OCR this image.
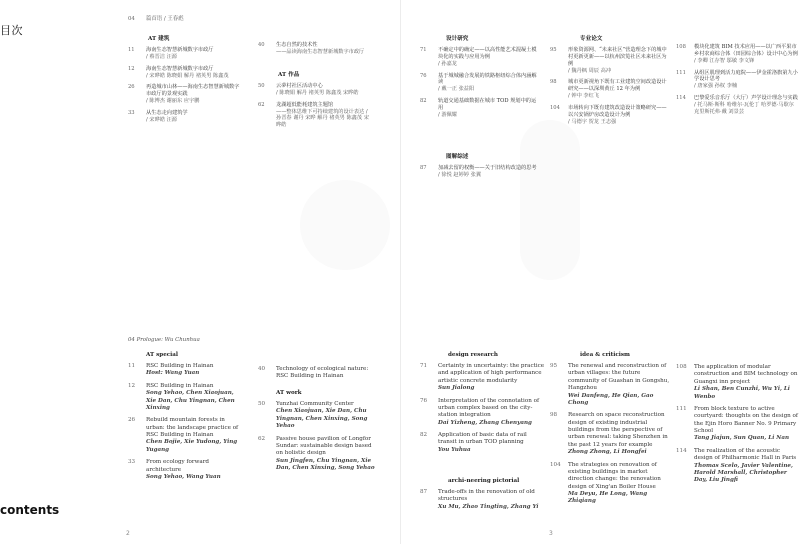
目次
04 篇首语 / 王春彪
AT 建筑
11	海南生态智慧新城数字市政厅
/ 蔡晋洁 汪源
12	海南生态智慧新城数字市政厅
/ 宋晔皓 陈晓娟 解丹 褚英男 陈鑫茂
26	再造城市山林——海南生态智慧新城数字市政厅的景观实践
/ 陈博杰 谢丽东 应宇鹏
33	从生态走向建筑学
/ 宋晔皓 汪源
40	生态自然的技术性
——品读海南生态智慧新城数字市政厅
AT 作品
50	云夢村社区活动中心
/ 陈晓娟 解丹 褚英男 陈鑫茂 宋晔皓
62	龙湖超低能耗建筑主题馆
——整体思维下可持续建筑的设计表达 / 孙晋春 谢丹 宋晔 解丹 褚英男 陈鑫茂 宋晔皓
设计研究
71	不确定中的确定——以高性能艺术混凝土模块化的实践与应用为例
/ 孙嘉龙
76	基于城城融合发展的铁路枢纽综合体内涵解读
/ 戴一正 张益阳
82	轨道交通基础数据在城市 TOD 规划中的运用
/ 游佩耀
图解综述
87	加减去留的权衡——关于旧结构改造的思考
/ 徐悦 赵婷婷 张翼
专业论文
95	形象资源网、“未来社区”营造理念下的城中村更新更新——以杭州滨笕社区未来社区为例
/ 魏丹枫 周辰 高冲
98	城市更新视角下既有工业建筑空间改造设计研究——以深圳黄丘 12 年为例
/ 钟中 李红飞
104	市场转向下既有建筑改造设计策略研究——以兴安锅炉房改造设计为例
/ 马德宇 贺龙 王志强
108	模块化建筑 BIM 技术应用——以广西平果市乡村农商综合体（田园综合体）设计中心为例
/ 李卿 江存智 邬敏 李文锋
111	从组区肌理到活力庭院——伊金霍洛旗第九小学设计思考
/ 唐家强 孙权 李楠
114	巴黎爱乐音乐厅（大厅）声学设计理念与实践
/ 托马斯·斯科 哈维尔·瓦伦丁 哈罗德·马歇尔 克里斯托弗·戴 刘景芸
04 Prologue: Wu Chunhua
contents
AT special
11	RSC Building in Hainan
Host: Wang Yuan
12	RSC Building in Hainan
Song Yehao, Chen Xiaojuan, Xie Dan, Chu Yingnan, Chen Xinxing
26	Rebuild mountain forests in urban: the landscape practice of RSC Building in Hainan
Chen Bojie, Xie Yudong, Ying Yugang
33	From ecology forward architecture
Song Yehao, Wang Yuan
40	Technology of ecological nature: RSC Building in Hainan
AT work
50	Yunzhai Community Center
Chen Xiaojuan, Xie Dan, Chu Yingnan, Chen Xinxing, Song Yehao
62	Passive house pavilion of Longfor Sundar: sustainable design based on holistic design
Sun Jingfen, Chu Yingnan, Xie Dan, Chen Xinxing, Song Yehao
design research
71	Certainty in uncertainty: the practice and application of high performance artistic concrete modularity
Sun Jialong
76	Interpretation of the connotation of urban complex based on the city-station integration
Dai Yizheng, Zhang Chenyang
82	Application of basic data of rail transit in urban TOD planning
You Yuhua
archi-neering pictorial
87	Trade-offs in the renovation of old structures
Xu Mu, Zhao Tingting, Zhang Yi
idea & criticism
95	The renewal and reconstruction of urban villages: the future community of Guashan in Gongshu, Hangzhou
Wei Danfeng, He Qian, Gao Chong
98	Research on space reconstruction design of existing industrial buildings from the perspective of urban renewal: taking Shenzhen in the past 12 years for example
Zhong Zhong, Li Hongfei
104	The strategies on renovation of existing buildings in market direction change: the renovation design of Xing'an Boiler House
Ma Deyu, He Long, Wang Zhiqiang
108	The application of modular construction and BIM technology on Guangxi inn project
Li Shan, Ben Cunzhi, Wu Yi, Li Wenbo
111	From block texture to active courtyard: thoughts on the design of the Ejin Horo Banner No. 9 Primary School
Tang Jiajun, Sun Quan, Li Nan
114	The realization of the acoustic design of Philharmonic Hall in Paris
Thomas Scelo, Javier Valentine, Harold Marshall, Christopher Day, Liu Jingfi
2	3
